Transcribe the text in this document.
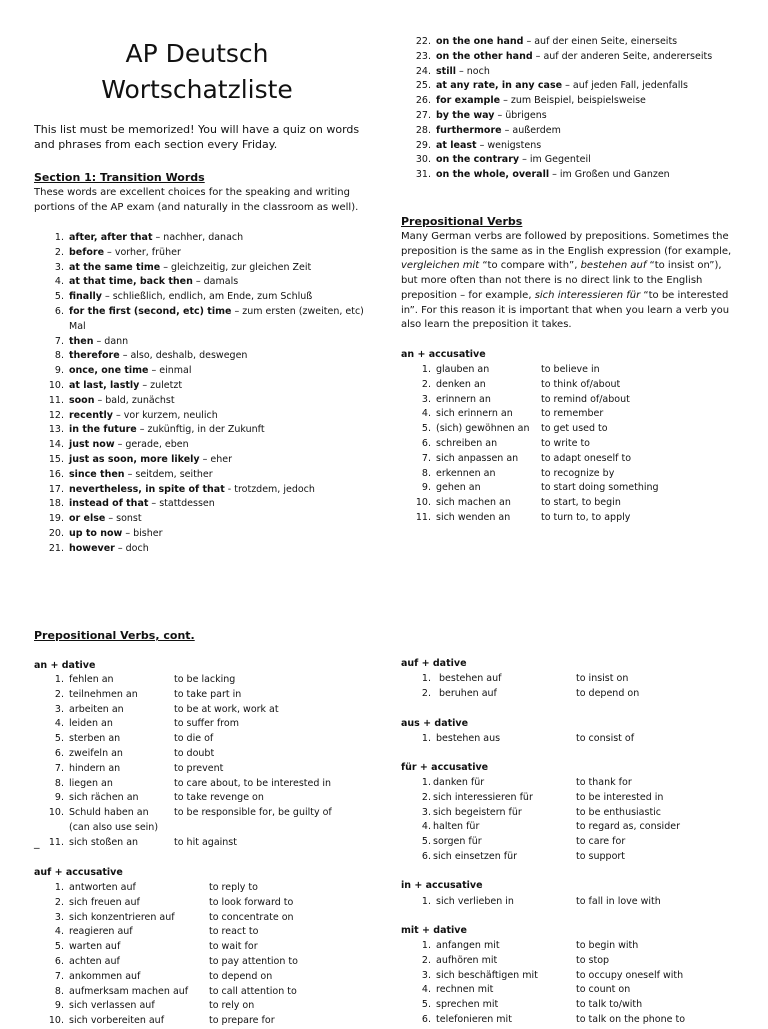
AP Deutsch
Wortschatzliste
This list must be memorized! You will have a quiz on words and phrases from each section every Friday.
Section 1: Transition Words
These words are excellent choices for the speaking and writing portions of the AP exam (and naturally in the classroom as well).
1. after, after that – nachher, danach
2. before – vorher, früher
3. at the same time – gleichzeitig, zur gleichen Zeit
4. at that time, back then – damals
5. finally – schließlich, endlich, am Ende, zum Schluß
6. for the first (second, etc) time – zum ersten (zweiten, etc) Mal
7. then – dann
8. therefore – also, deshalb, deswegen
9. once, one time – einmal
10. at last, lastly – zuletzt
11. soon – bald, zunächst
12. recently – vor kurzem, neulich
13. in the future – zukünftig, in der Zukunft
14. just now – gerade, eben
15. just as soon, more likely – eher
16. since then – seitdem, seither
17. nevertheless, in spite of that - trotzdem, jedoch
18. instead of that – stattdessen
19. or else – sonst
20. up to now – bisher
21. however – doch
22. on the one hand – auf der einen Seite, einerseits
23. on the other hand – auf der anderen Seite, andererseits
24. still – noch
25. at any rate, in any case – auf jeden Fall, jedenfalls
26. for example – zum Beispiel, beispielsweise
27. by the way – übrigens
28. furthermore – außerdem
29. at least – wenigstens
30. on the contrary – im Gegenteil
31. on the whole, overall – im Großen und Ganzen
Prepositional Verbs
Many German verbs are followed by prepositions. Sometimes the preposition is the same as in the English expression (for example, vergleichen mit “to compare with”, bestehen auf “to insist on”), but more often than not there is no direct link to the English preposition – for example, sich interessieren für “to be interested in”. For this reason it is important that when you learn a verb you also learn the preposition it takes.
an + accusative
1. glauben an	to believe in
2. denken an	to think of/about
3. erinnern an	to remind of/about
4. sich erinnern an	to remember
5. (sich) gewöhnen an to get used to
6. schreiben an	to write to
7. sich anpassen an to adapt oneself to
8. erkennen an	to recognize by
9. gehen an	to start doing something
10. sich machen an	to start, to begin
11. sich wenden an	to turn to, to apply
Prepositional Verbs, cont.
an + dative
1. fehlen an	to be lacking
2. teilnehmen an	to take part in
3. arbeiten an	to be at work, work at
4. leiden an	to suffer from
5. sterben an	to die of
6. zweifeln an	to doubt
7. hindern an	to prevent
8. liegen an	to care about, to be interested in
9. sich rächen an	to take revenge on
10. Schuld haben an	to be responsible for, be guilty of
(can also use sein)
11. sich stoßen an	to hit against
_
auf + accusative
1. antworten auf	to reply to
2. sich freuen auf	to look forward to
3. sich konzentrieren auf	to concentrate on
4. reagieren auf	to react to
5. warten auf	to wait for
6. achten auf	to pay attention to
7. ankommen auf	to depend on
8. aufmerksam machen auf to call attention to
9. sich verlassen auf	to rely on
10. sich vorbereiten auf	to prepare for
auf + dative
1. bestehen auf	to insist on
2. beruhen auf	to depend on
aus + dative
1. bestehen aus	to consist of
für + accusative
1. danken für	to thank for
2. sich interessieren für	to be interested in
3. sich begeistern für	to be enthusiastic
4. halten für	to regard as, consider
5. sorgen für	to care for
6. sich einsetzen für	to support
in + accusative
1. sich verlieben in	to fall in love with
mit + dative
1. anfangen mit	to begin with
2. aufhören mit	to stop
3. sich beschäftigen mit	to occupy oneself with
4. rechnen mit	to count on
5. sprechen mit	to talk to/with
6. telefonieren mit	to talk on the phone to
